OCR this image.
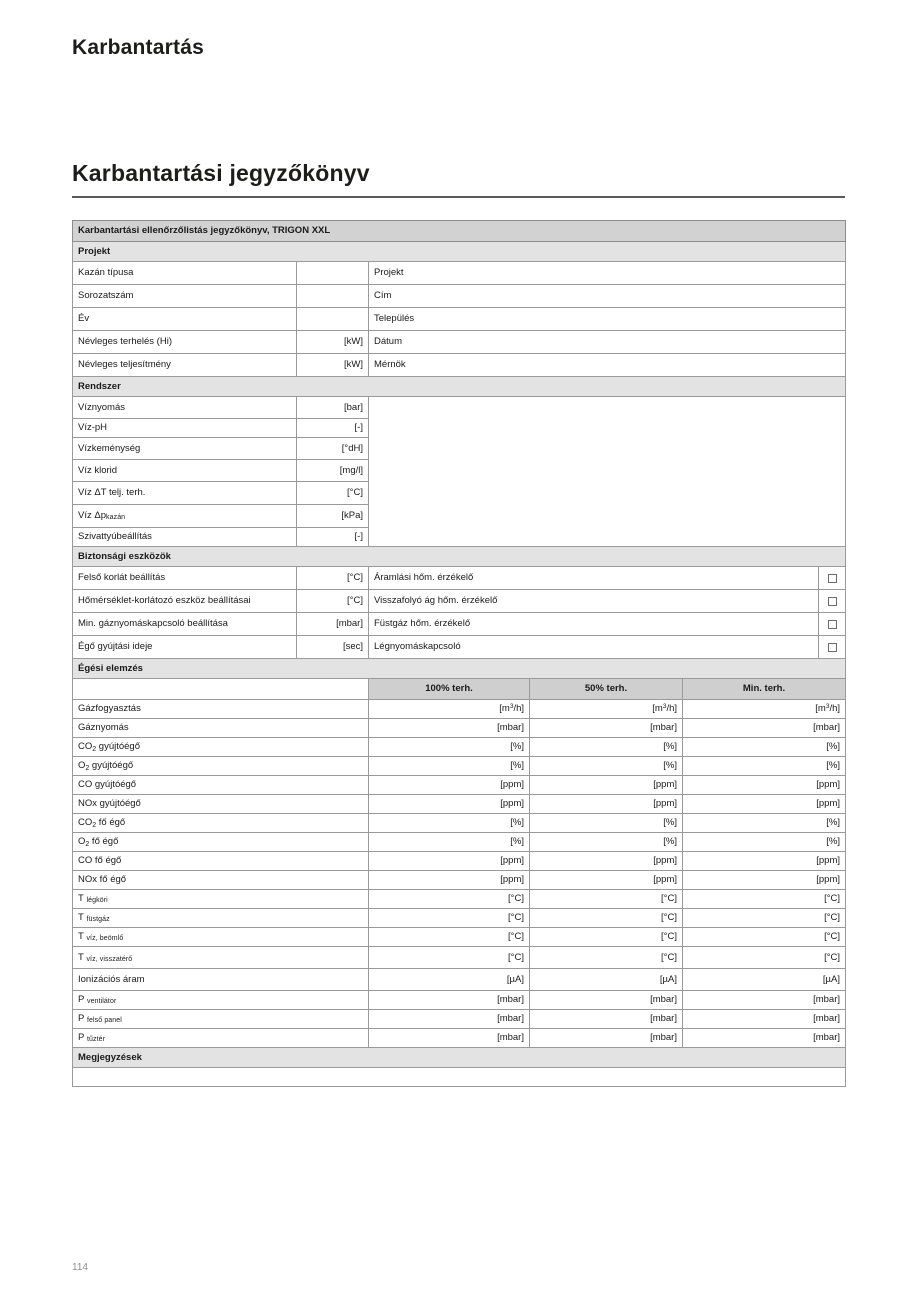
Karbantartás
Karbantartási jegyzőkönyv
Karbantartási ellenőrzőlistás jegyzőkönyv, TRIGON XXL					
Projekt					
Kazán típusa		Projekt			
Sorozatszám		Cím			
Év		Település			
Névleges terhelés (Hi)	[kW]	Dátum			
Névleges teljesítmény	[kW]	Mérnök			
Rendszer					
Víznyomás	[bar]				
Víz-pH	[-]				
Vízkeménység	[°dH]				
Víz klorid	[mg/l]				
Víz ΔT telj. terh.	[°C]				
Víz Δpkazán	[kPa]				
Szivattyúbeállítás	[-]				
Biztonsági eszközök					
Felső korlát beállítás	[°C]	Áramlási hőm. érzékelő			

Hőmérséklet-korlátozó eszköz beállításai	[°C]	Visszafolyó ág hőm. érzékelő			

Min. gáznyomáskapcsoló beállítása	[mbar]	Füstgáz hőm. érzékelő			

Égő gyújtási ideje	[sec]	Légnyomáskapcsoló			

Égési elemzés					
		100% terh.	50% terh.	Min. terh.	
Gázfogyasztás		$[m^3/h]$	$[m^3/h]$	$[m^3/h]$	
Gáznyomás		[mbar]	[mbar]	[mbar]	
$CO_2$ gyújtóégő		[%]	[%]	[%]	
$O_2$ gyújtóégő		[%]	[%]	[%]	
CO gyújtóégő		[ppm]	[ppm]	[ppm]	
NOx gyújtóégő		[ppm]	[ppm]	[ppm]	
$CO_2$ fő égő		[%]	[%]	[%]	
$O_2$ fő égő		[%]	[%]	[%]	
CO fő égő		[ppm]	[ppm]	[ppm]	
NOx fő égő		[ppm]	[ppm]	[ppm]	
T légköri		[°C]	[°C]	[°C]	
T füstgáz		[°C]	[°C]	[°C]	
T víz, beömlő		[°C]	[°C]	[°C]	
T víz, visszatérő		[°C]	[°C]	[°C]	
Ionizációs áram		[µA]	[µA]	[µA]	
P ventilátor		[mbar]	[mbar]	[mbar]	
P felső panel		[mbar]	[mbar]	[mbar]	
P tűztér		[mbar]	[mbar]	[mbar]	
Megjegyzések					

114
